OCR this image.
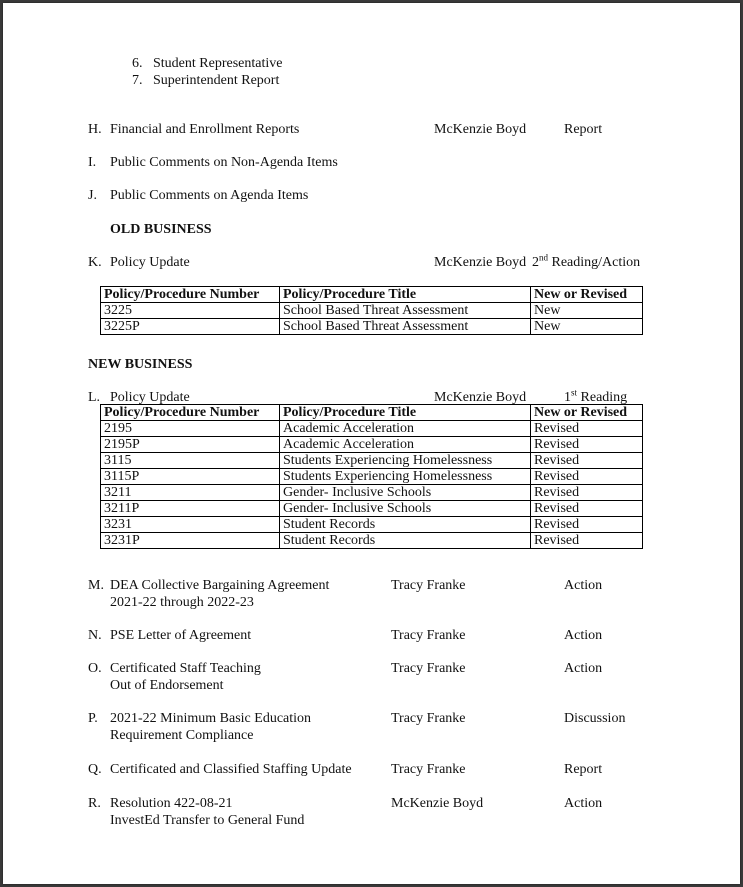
6. Student Representative
7. Superintendent Report
H. Financial and Enrollment Reports	McKenzie Boyd	Report
I. Public Comments on Non-Agenda Items
J. Public Comments on Agenda Items
OLD BUSINESS
K. Policy Update	McKenzie Boyd 2nd Reading/Action
Policy/Procedure Number	Policy/Procedure Title	New or Revised
3225	School Based Threat Assessment	New
3225P	School Based Threat Assessment	New
NEW BUSINESS
L. Policy Update	McKenzie Boyd	1st Reading
Policy/Procedure Number	Policy/Procedure Title	New or Revised
2195	Academic Acceleration	Revised
2195P	Academic Acceleration	Revised
3115	Students Experiencing Homelessness	Revised
3115P	Students Experiencing Homelessness	Revised
3211	Gender- Inclusive Schools	Revised
3211P	Gender- Inclusive Schools	Revised
3231	Student Records	Revised
3231P	Student Records	Revised
M. DEA Collective Bargaining Agreement
2021-22 through 2022-23
Tracy Franke	Action
N. PSE Letter of Agreement	Tracy Franke	Action
O. Certificated Staff Teaching
Out of Endorsement
Tracy Franke	Action
P. 2021-22 Minimum Basic Education
Requirement Compliance
Tracy Franke	Discussion
Q. Certificated and Classified Staffing Update	Tracy Franke	Report
R. Resolution 422-08-21
InvestEd Transfer to General Fund
McKenzie Boyd	Action
